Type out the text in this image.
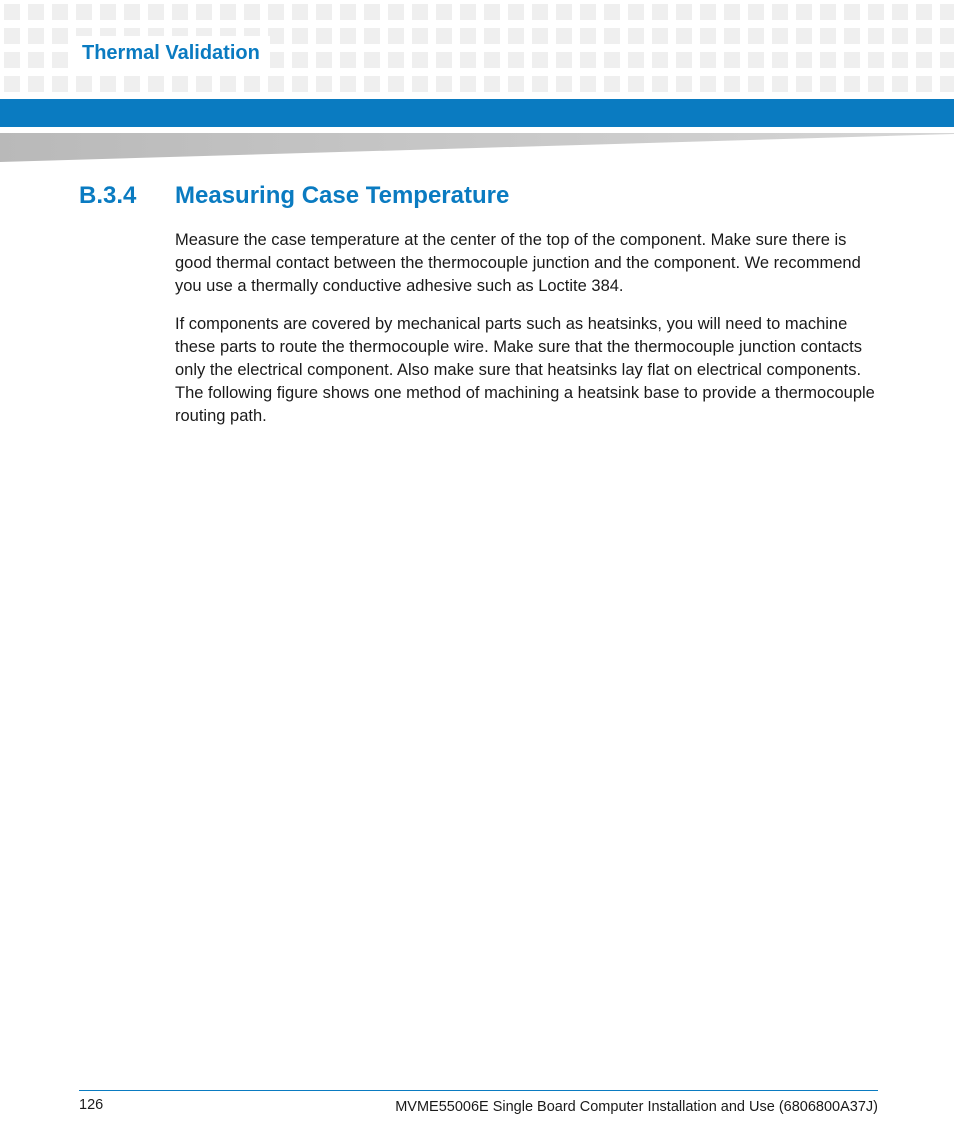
Thermal Validation
B.3.4	Measuring Case Temperature

Measure the case temperature at the center of the top of the component. Make sure there is good thermal contact between the thermocouple junction and the component. We recommend you use a thermally conductive adhesive such as Loctite 384.

If components are covered by mechanical parts such as heatsinks, you will need to machine these parts to route the thermocouple wire. Make sure that the thermocouple junction contacts only the electrical component. Also make sure that heatsinks lay flat on electrical components. The following figure shows one method of machining a heatsink base to provide a thermocouple routing path.

126	MVME55006E Single Board Computer Installation and Use (6806800A37J)
